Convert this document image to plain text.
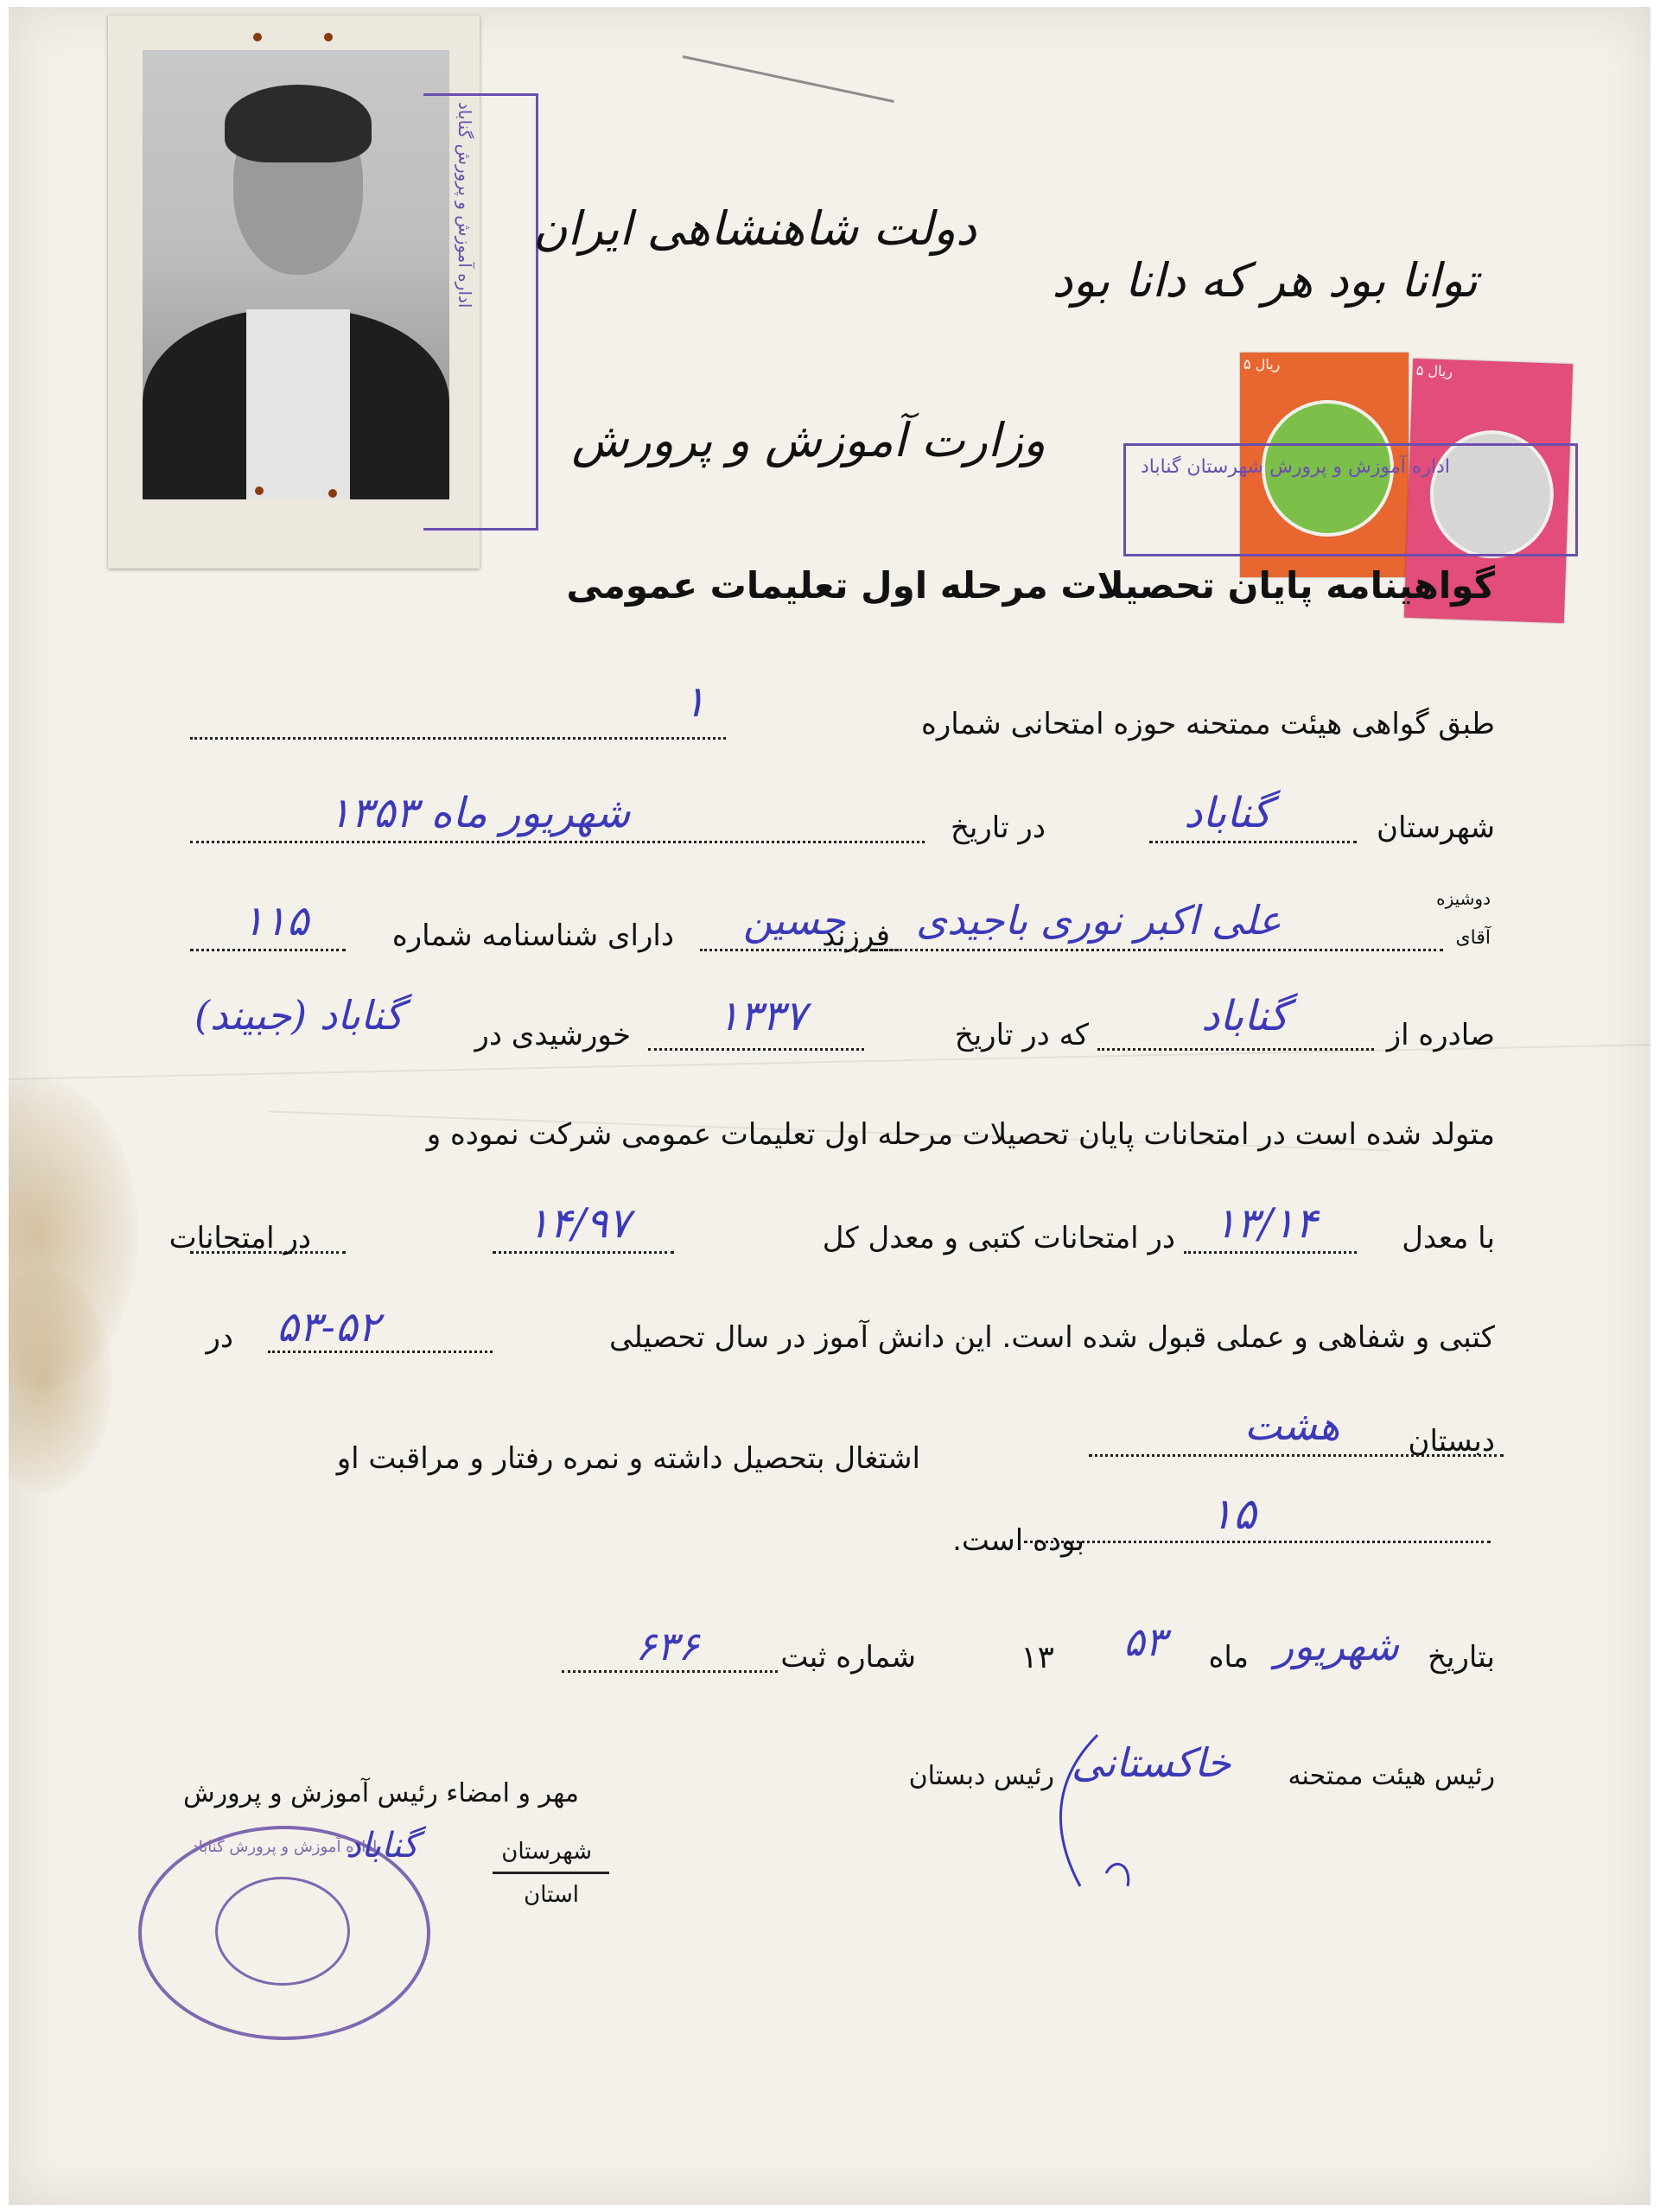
اداره آموزش و پرورش گناباد	توانا بود هر که دانا بود
دولت شاهنشاهی ایران
وزارت آموزش و پرورش
۵ ریال	۵ ریال
اداره آموزش و پرورش شهرستان گناباد
گواهینامه پایان تحصیلات مرحله اول تعلیمات عمومی
طبق گواهی هیئت ممتحنه حوزه امتحانی شماره
۱
شهرستان
گناباد
در تاریخ
شهریور ماه ۱۳۵۳
دوشیزه
آقای
علی اکبر نوری باجیدی
فرزند
حسین
دارای شناسنامه شماره
۱۱۵
صادره از
گناباد
که در تاریخ
۱۳۳۷
خورشیدی در
گناباد (جبیند)
متولد شده است در امتحانات پایان تحصیلات مرحله اول تعلیمات عمومی شرکت نموده و
با معدل
۱۳/۱۴
در امتحانات کتبی و معدل کل
۱۴/۹۷
در امتحانات
کتبی و شفاهی و عملی قبول شده است. این دانش آموز در سال تحصیلی
۵۳-۵۲
در
دبستان
هشت
اشتغال بتحصیل داشته و نمره رفتار و مراقبت او
۱۵
بوده است.
بتاریخ
شهریور
ماه
۵۳
۱۳
شماره ثبت
۶۳۶
رئیس هیئت ممتحنه
خاکستانی
رئیس دبستان
مهر و امضاء رئیس آموزش و پرورش
اداره آموزش و پرورش گناباد	شهرستان
گناباد
استان
